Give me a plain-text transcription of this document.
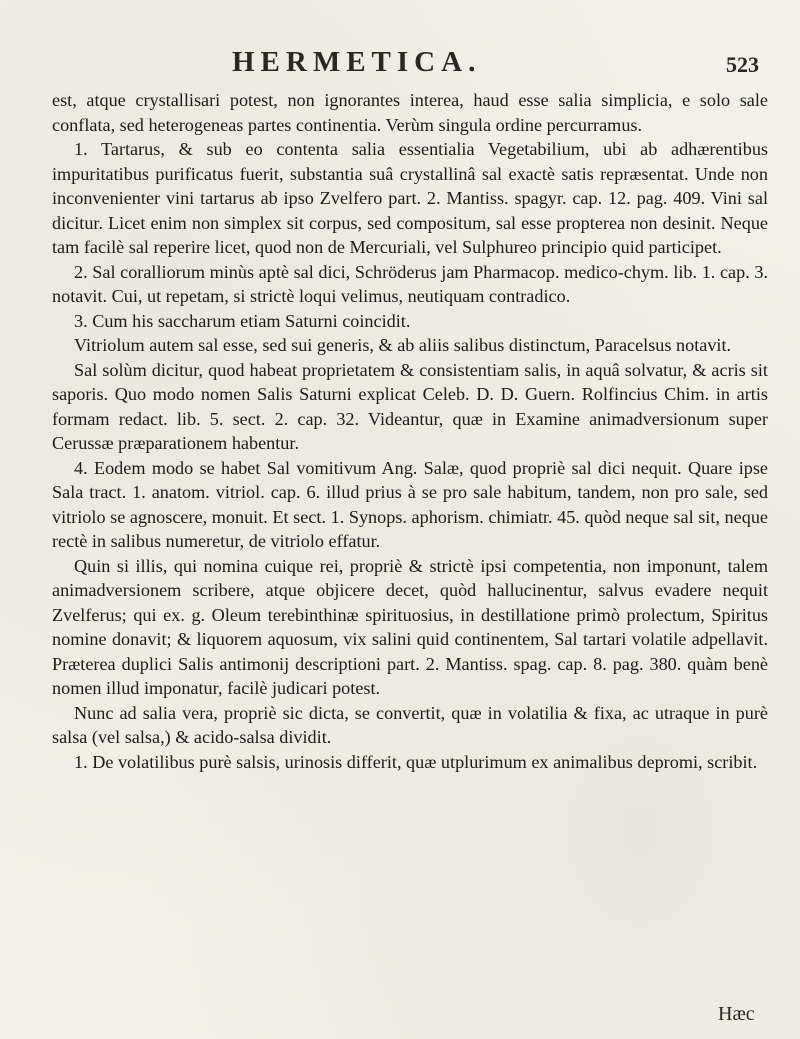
HERMETICA.	523

est, atque crystallisari potest, non ignorantes interea, haud esse salia simplicia, e solo sale conflata, sed heterogeneas partes continentia. Verùm singula ordine percurramus.

1. Tartarus, & sub eo contenta salia essentialia Vegetabilium, ubi ab adhærentibus impuritatibus purificatus fuerit, substantia suâ crystallinâ sal exactè satis repræsentat. Unde non inconvenienter vini tartarus ab ipso Zvelfero part. 2. Mantiss. spagyr. cap. 12. pag. 409. Vini sal dicitur. Licet enim non simplex sit corpus, sed compositum, sal esse propterea non desinit. Neque tam facilè sal reperire licet, quod non de Mercuriali, vel Sulphureo principio quid participet.

2. Sal coralliorum minùs aptè sal dici, Schröderus jam Pharmacop. medico-chym. lib. 1. cap. 3. notavit. Cui, ut repetam, si strictè loqui velimus, neutiquam contradico.

3. Cum his saccharum etiam Saturni coincidit.

Vitriolum autem sal esse, sed sui generis, & ab aliis salibus distinctum, Paracelsus notavit.

Sal solùm dicitur, quod habeat proprietatem & consistentiam salis, in aquâ solvatur, & acris sit saporis. Quo modo nomen Salis Saturni explicat Celeb. D. D. Guern. Rolfincius Chim. in artis formam redact. lib. 5. sect. 2. cap. 32. Videantur, quæ in Examine animadversionum super Cerussæ præparationem habentur.

4. Eodem modo se habet Sal vomitivum Ang. Salæ, quod propriè sal dici nequit. Quare ipse Sala tract. 1. anatom. vitriol. cap. 6. illud prius à se pro sale habitum, tandem, non pro sale, sed vitriolo se agnoscere, monuit. Et sect. 1. Synops. aphorism. chimiatr. 45. quòd neque sal sit, neque rectè in salibus numeretur, de vitriolo effatur.

Quin si illis, qui nomina cuique rei, propriè & strictè ipsi competentia, non imponunt, talem animadversionem scribere, atque objicere decet, quòd hallucinentur, salvus evadere nequit Zvelferus; qui ex. g. Oleum terebinthinæ spirituosius, in destillatione primò prolectum, Spiritus nomine donavit; & liquorem aquosum, vix salini quid continentem, Sal tartari volatile adpellavit. Præterea duplici Salis antimonij descriptioni part. 2. Mantiss. spag. cap. 8. pag. 380. quàm benè nomen illud imponatur, facilè judicari potest.

Nunc ad salia vera, propriè sic dicta, se convertit, quæ in volatilia & fixa, ac utraque in purè salsa (vel salsa,) & acido-salsa dividit.

1. De volatilibus purè salsis, urinosis differit, quæ utplurimum ex animalibus depromi, scribit.

Hæc
